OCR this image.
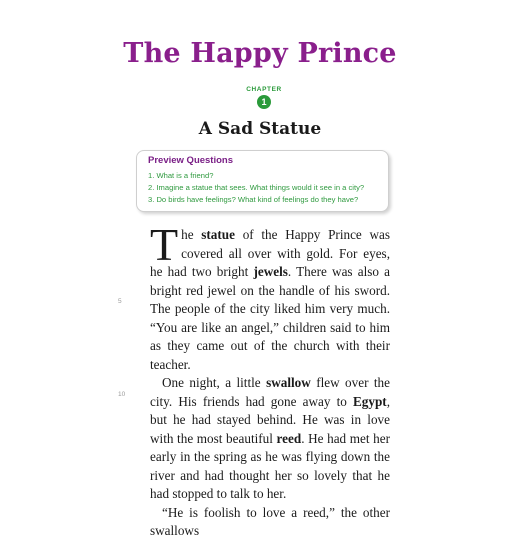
The Happy Prince
CHAPTER
1
A Sad Statue
Preview Questions
1. What is a friend?
2. Imagine a statue that sees. What things would it see in a city?
3. Do birds have feelings? What kind of feelings do they have?
5
10

The statue of the Happy Prince was covered all over with gold. For eyes, he had two bright jewels. There was also a bright red jewel on the handle of his sword. The people of the city liked him very much. “You are like an angel,” children said to him as they came out of the church with their teacher.

One night, a little swallow flew over the city. His friends had gone away to Egypt, but he had stayed behind. He was in love with the most beautiful reed. He had met her early in the spring as he was flying down the river and had thought her so lovely that he had stopped to talk to her.

“He is foolish to love a reed,” the other swallows
